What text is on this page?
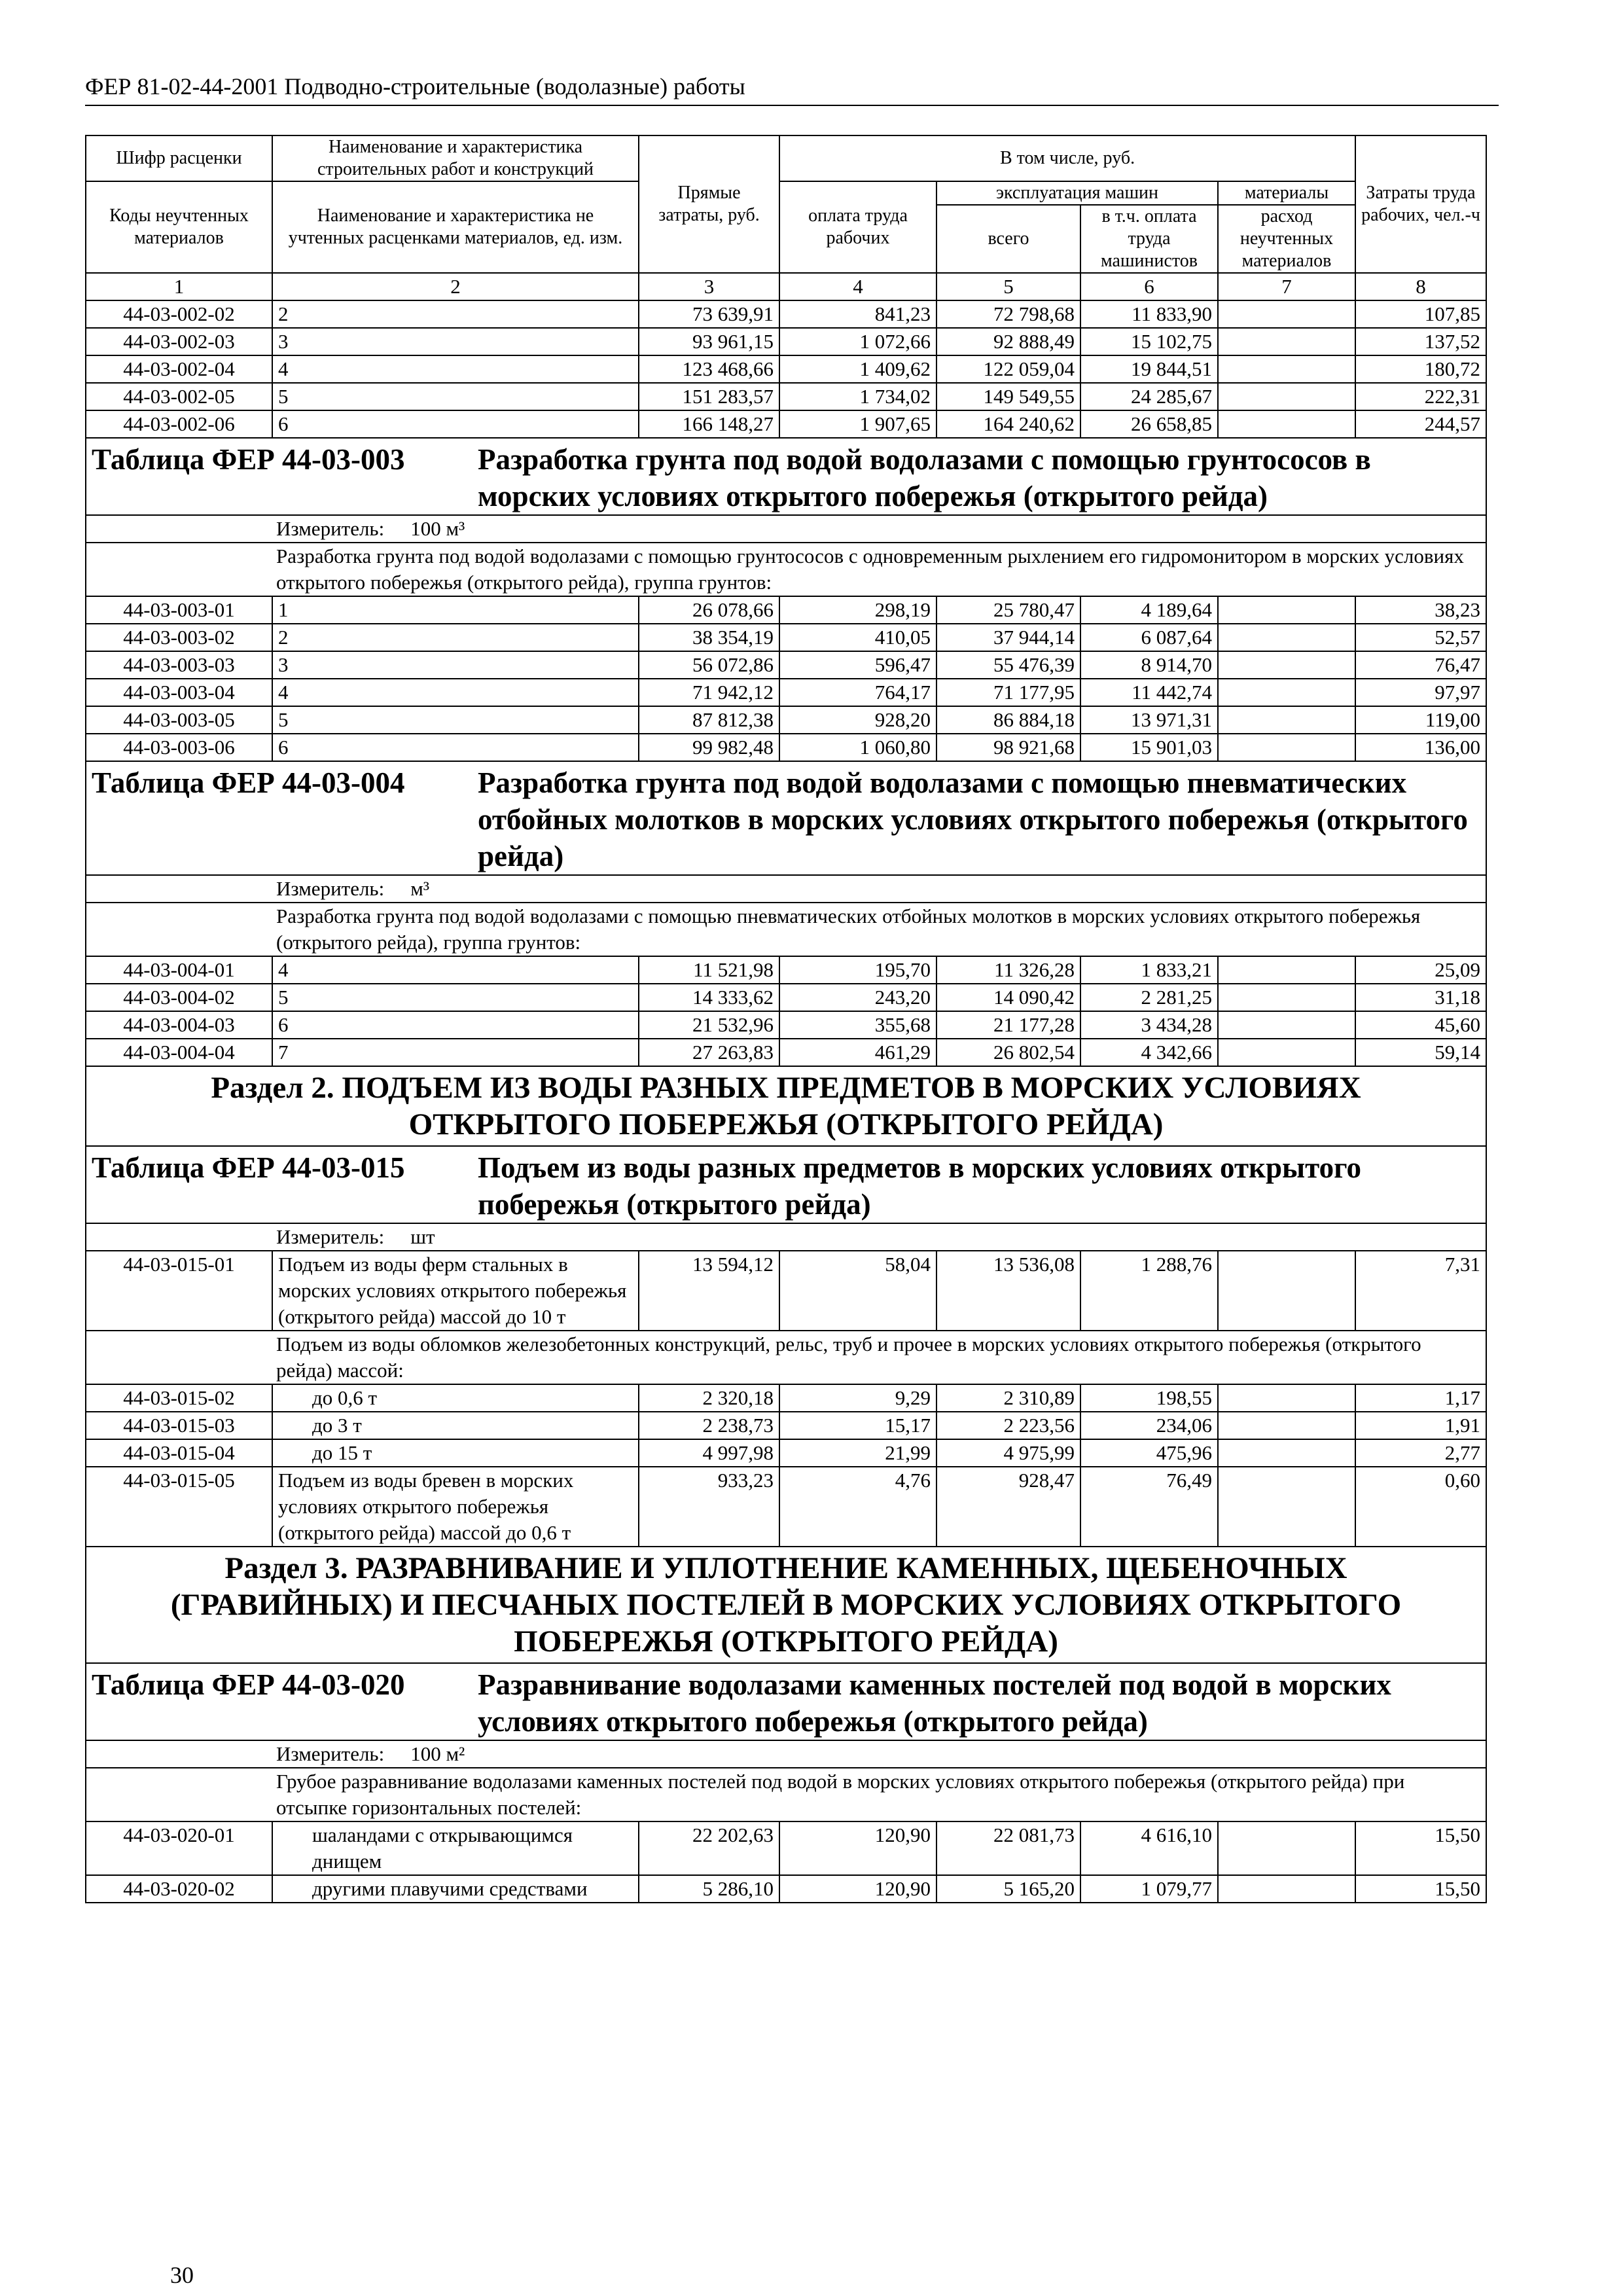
ФЕР 81-02-44-2001 Подводно-строительные (водолазные) работы
Шифр расценки	Наименование и характеристика строительных работ и конструкций	Прямые затраты, руб.	В том числе, руб.				Затраты труда рабочих, чел.-ч
Коды неучтенных материалов	Наименование и характеристика не учтенных расценками материалов, ед. изм.		оплата труда рабочих	эксплуатация машин		материалы	
				всего	в т.ч. оплата труда машинистов	расход неучтенных материалов	
1	2	3	4	5	6	7	8
44-03-002-02	2	73 639,91	841,23	72 798,68	11 833,90		107,85
44-03-002-03	3	93 961,15	1 072,66	92 888,49	15 102,75		137,52
44-03-002-04	4	123 468,66	1 409,62	122 059,04	19 844,51		180,72
44-03-002-05	5	151 283,57	1 734,02	149 549,55	24 285,67		222,31
44-03-002-06	6	166 148,27	1 907,65	164 240,62	26 658,85		244,57
Таблица ФЕР 44-03-003 Разработка грунта под водой водолазами с помощью грунтососов в морских условиях открытого побережья (открытого рейда)							
Измеритель: 100 м³							
Разработка грунта под водой водолазами с помощью грунтососов с одновременным рыхлением его гидромонитором в морских условиях открытого побережья (открытого рейда), группа грунтов:							
44-03-003-01	1	26 078,66	298,19	25 780,47	4 189,64		38,23
44-03-003-02	2	38 354,19	410,05	37 944,14	6 087,64		52,57
44-03-003-03	3	56 072,86	596,47	55 476,39	8 914,70		76,47
44-03-003-04	4	71 942,12	764,17	71 177,95	11 442,74		97,97
44-03-003-05	5	87 812,38	928,20	86 884,18	13 971,31		119,00
44-03-003-06	6	99 982,48	1 060,80	98 921,68	15 901,03		136,00
Таблица ФЕР 44-03-004 Разработка грунта под водой водолазами с помощью пневматических отбойных молотков в морских условиях открытого побережья (открытого рейда)							
Измеритель: м³							
Разработка грунта под водой водолазами с помощью пневматических отбойных молотков в морских условиях открытого побережья (открытого рейда), группа грунтов:							
44-03-004-01	4	11 521,98	195,70	11 326,28	1 833,21		25,09
44-03-004-02	5	14 333,62	243,20	14 090,42	2 281,25		31,18
44-03-004-03	6	21 532,96	355,68	21 177,28	3 434,28		45,60
44-03-004-04	7	27 263,83	461,29	26 802,54	4 342,66		59,14
Раздел 2. ПОДЪЕМ ИЗ ВОДЫ РАЗНЫХ ПРЕДМЕТОВ В МОРСКИХ УСЛОВИЯХ ОТКРЫТОГО ПОБЕРЕЖЬЯ (ОТКРЫТОГО РЕЙДА)							
Таблица ФЕР 44-03-015 Подъем из воды разных предметов в морских условиях открытого побережья (открытого рейда)							
Измеритель: шт							
44-03-015-01	Подъем из воды ферм стальных в морских условиях открытого побережья (открытого рейда) массой до 10 т	13 594,12	58,04	13 536,08	1 288,76		7,31
Подъем из воды обломков железобетонных конструкций, рельс, труб и прочее в морских условиях открытого побережья (открытого рейда) массой:							
44-03-015-02	до 0,6 т	2 320,18	9,29	2 310,89	198,55		1,17
44-03-015-03	до 3 т	2 238,73	15,17	2 223,56	234,06		1,91
44-03-015-04	до 15 т	4 997,98	21,99	4 975,99	475,96		2,77
44-03-015-05	Подъем из воды бревен в морских условиях открытого побережья (открытого рейда) массой до 0,6 т	933,23	4,76	928,47	76,49		0,60
Раздел 3. РАЗРАВНИВАНИЕ И УПЛОТНЕНИЕ КАМЕННЫХ, ЩЕБЕНОЧНЫХ (ГРАВИЙНЫХ) И ПЕСЧАНЫХ ПОСТЕЛЕЙ В МОРСКИХ УСЛОВИЯХ ОТКРЫТОГО ПОБЕРЕЖЬЯ (ОТКРЫТОГО РЕЙДА)							
Таблица ФЕР 44-03-020 Разравнивание водолазами каменных постелей под водой в морских условиях открытого побережья (открытого рейда)							
Измеритель: 100 м²							
Грубое разравнивание водолазами каменных постелей под водой в морских условиях открытого побережья (открытого рейда) при отсыпке горизонтальных постелей:							
44-03-020-01	шаландами с открывающимся днищем	22 202,63	120,90	22 081,73	4 616,10		15,50
44-03-020-02	другими плавучими средствами	5 286,10	120,90	5 165,20	1 079,77		15,50
30
